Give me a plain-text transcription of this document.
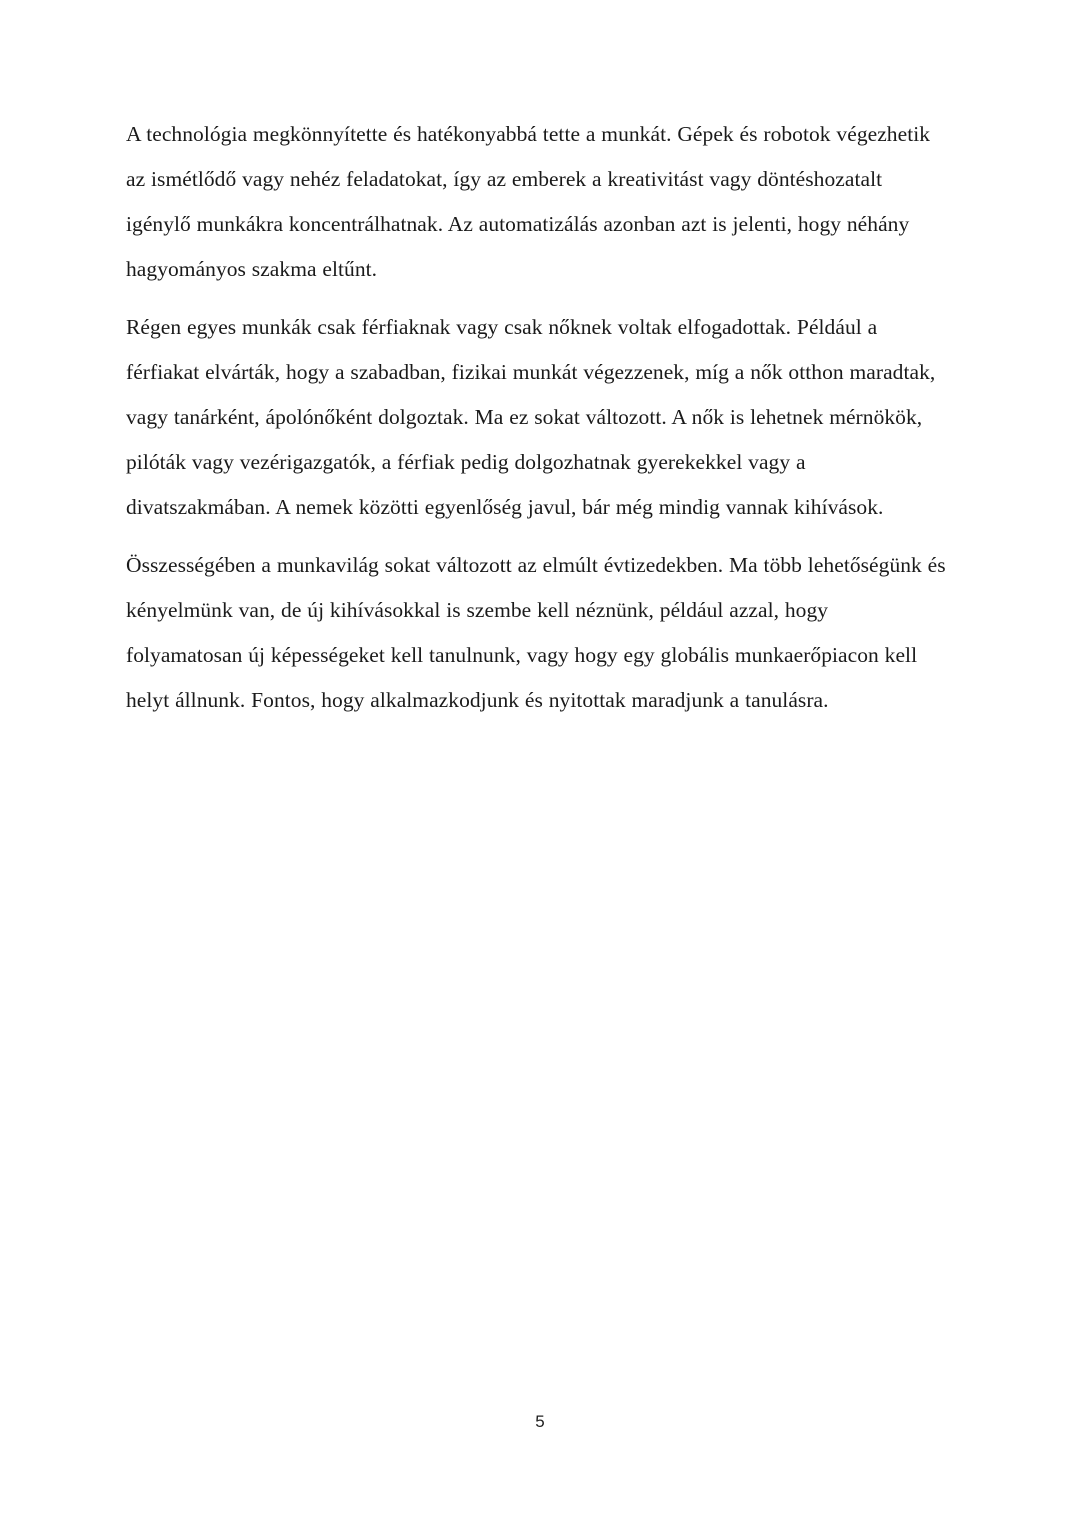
A technológia megkönnyítette és hatékonyabbá tette a munkát. Gépek és robotok végezhetik az ismétlődő vagy nehéz feladatokat, így az emberek a kreativitást vagy döntéshozatalt igénylő munkákra koncentrálhatnak. Az automatizálás azonban azt is jelenti, hogy néhány hagyományos szakma eltűnt.

Régen egyes munkák csak férfiaknak vagy csak nőknek voltak elfogadottak. Például a férfiakat elvárták, hogy a szabadban, fizikai munkát végezzenek, míg a nők otthon maradtak, vagy tanárként, ápolónőként dolgoztak. Ma ez sokat változott. A nők is lehetnek mérnökök, pilóták vagy vezérigazgatók, a férfiak pedig dolgozhatnak gyerekekkel vagy a divatszakmában. A nemek közötti egyenlőség javul, bár még mindig vannak kihívások.

Összességében a munkavilág sokat változott az elmúlt évtizedekben. Ma több lehetőségünk és kényelmünk van, de új kihívásokkal is szembe kell néznünk, például azzal, hogy folyamatosan új képességeket kell tanulnunk, vagy hogy egy globális munkaerőpiacon kell helyt állnunk. Fontos, hogy alkalmazkodjunk és nyitottak maradjunk a tanulásra.

5
